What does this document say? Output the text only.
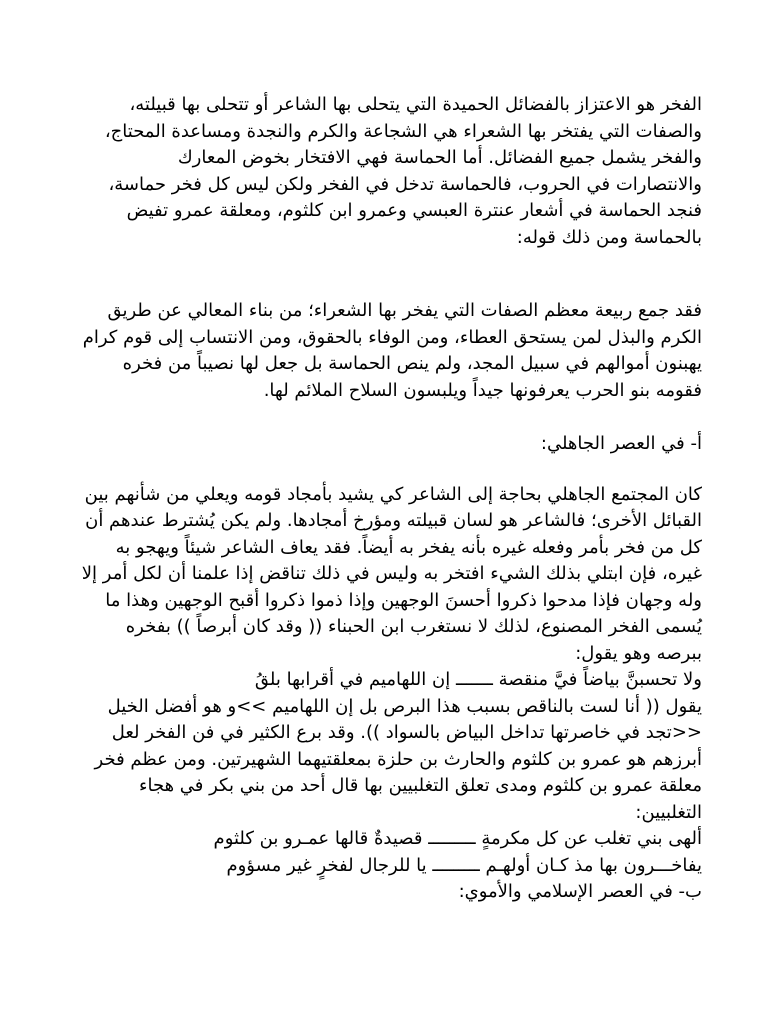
الفخر هو الاعتزاز بالفضائل الحميدة التي يتحلى بها الشاعر أو تتحلى بها قبيلته،
والصفات التي يفتخر بها الشعراء هي الشجاعة والكرم والنجدة ومساعدة المحتاج،
والفخر يشمل جميع الفضائل. أما الحماسة فهي الافتخار بخوض المعارك
والانتصارات في الحروب، فالحماسة تدخل في الفخر ولكن ليس كل فخر حماسة،
فنجد الحماسة في أشعار عنترة العبسي وعمرو ابن كلثوم، ومعلقة عمرو تفيض
بالحماسة ومن ذلك قوله:
فقد جمع ربيعة معظم الصفات التي يفخر بها الشعراء؛ من بناء المعالي عن طريق
الكرم والبذل لمن يستحق العطاء، ومن الوفاء بالحقوق، ومن الانتساب إلى قوم كرام
يهبنون أموالهم في سبيل المجد، ولم ينص الحماسة بل جعل لها نصيباً من فخره
فقومه بنو الحرب يعرفونها جيداً ويلبسون السلاح الملائم لها.
أ- في العصر الجاهلي:
كان المجتمع الجاهلي بحاجة إلى الشاعر كي يشيد بأمجاد قومه ويعلي من شأنهم بين
القبائل الأخرى؛ فالشاعر هو لسان قبيلته ومؤرخ أمجادها. ولم يكن يُشترط عندهم أن
كل من فخر بأمر وفعله غيره بأنه يفخر به أيضاً. فقد يعاف الشاعر شيئاً ويهجو به
غيره، فإن ابتلي بذلك الشيء افتخر به وليس في ذلك تناقض إذا علمنا أن لكل أمر إلا
وله وجهان فإذا مدحوا ذكروا أحسنَ الوجهين وإذا ذموا ذكروا أقبح الوجهين وهذا ما
يُسمى الفخر المصنوع، لذلك لا نستغرب ابن الحبناء (( وقد كان أبرصاً )) بفخره
ببرصه وهو يقول:
ولا تحسبنَّ بياضاً فيَّ منقصة ـــــــ إن اللهاميم في أقرابها بلقُ
يقول (( أنا لست بالناقص بسبب هذا البرص بل إن اللهاميم >>و هو أفضل الخيل
<<تجد في خاصرتها تداخل البياض بالسواد )). وقد برع الكثير في فن الفخر لعل
أبرزهم هو عمرو بن كلثوم والحارث بن حلزة بمعلقتيهما الشهيرتين. ومن عظم فخر
معلقة عمرو بن كلثوم ومدى تعلق التغلبيين بها قال أحد من بني بكر في هجاء
التغلبيين:
ألهى بني تغلب عن كل مكرمةٍ ـــــــــ قصيدةٌ قالها عمـرو بن كلثوم
يفاخـــرون بها مذ كـان أولهـم ـــــــــ يا للرجال لفخرٍ غير مسؤوم
ب- في العصر الإسلامي والأموي:
